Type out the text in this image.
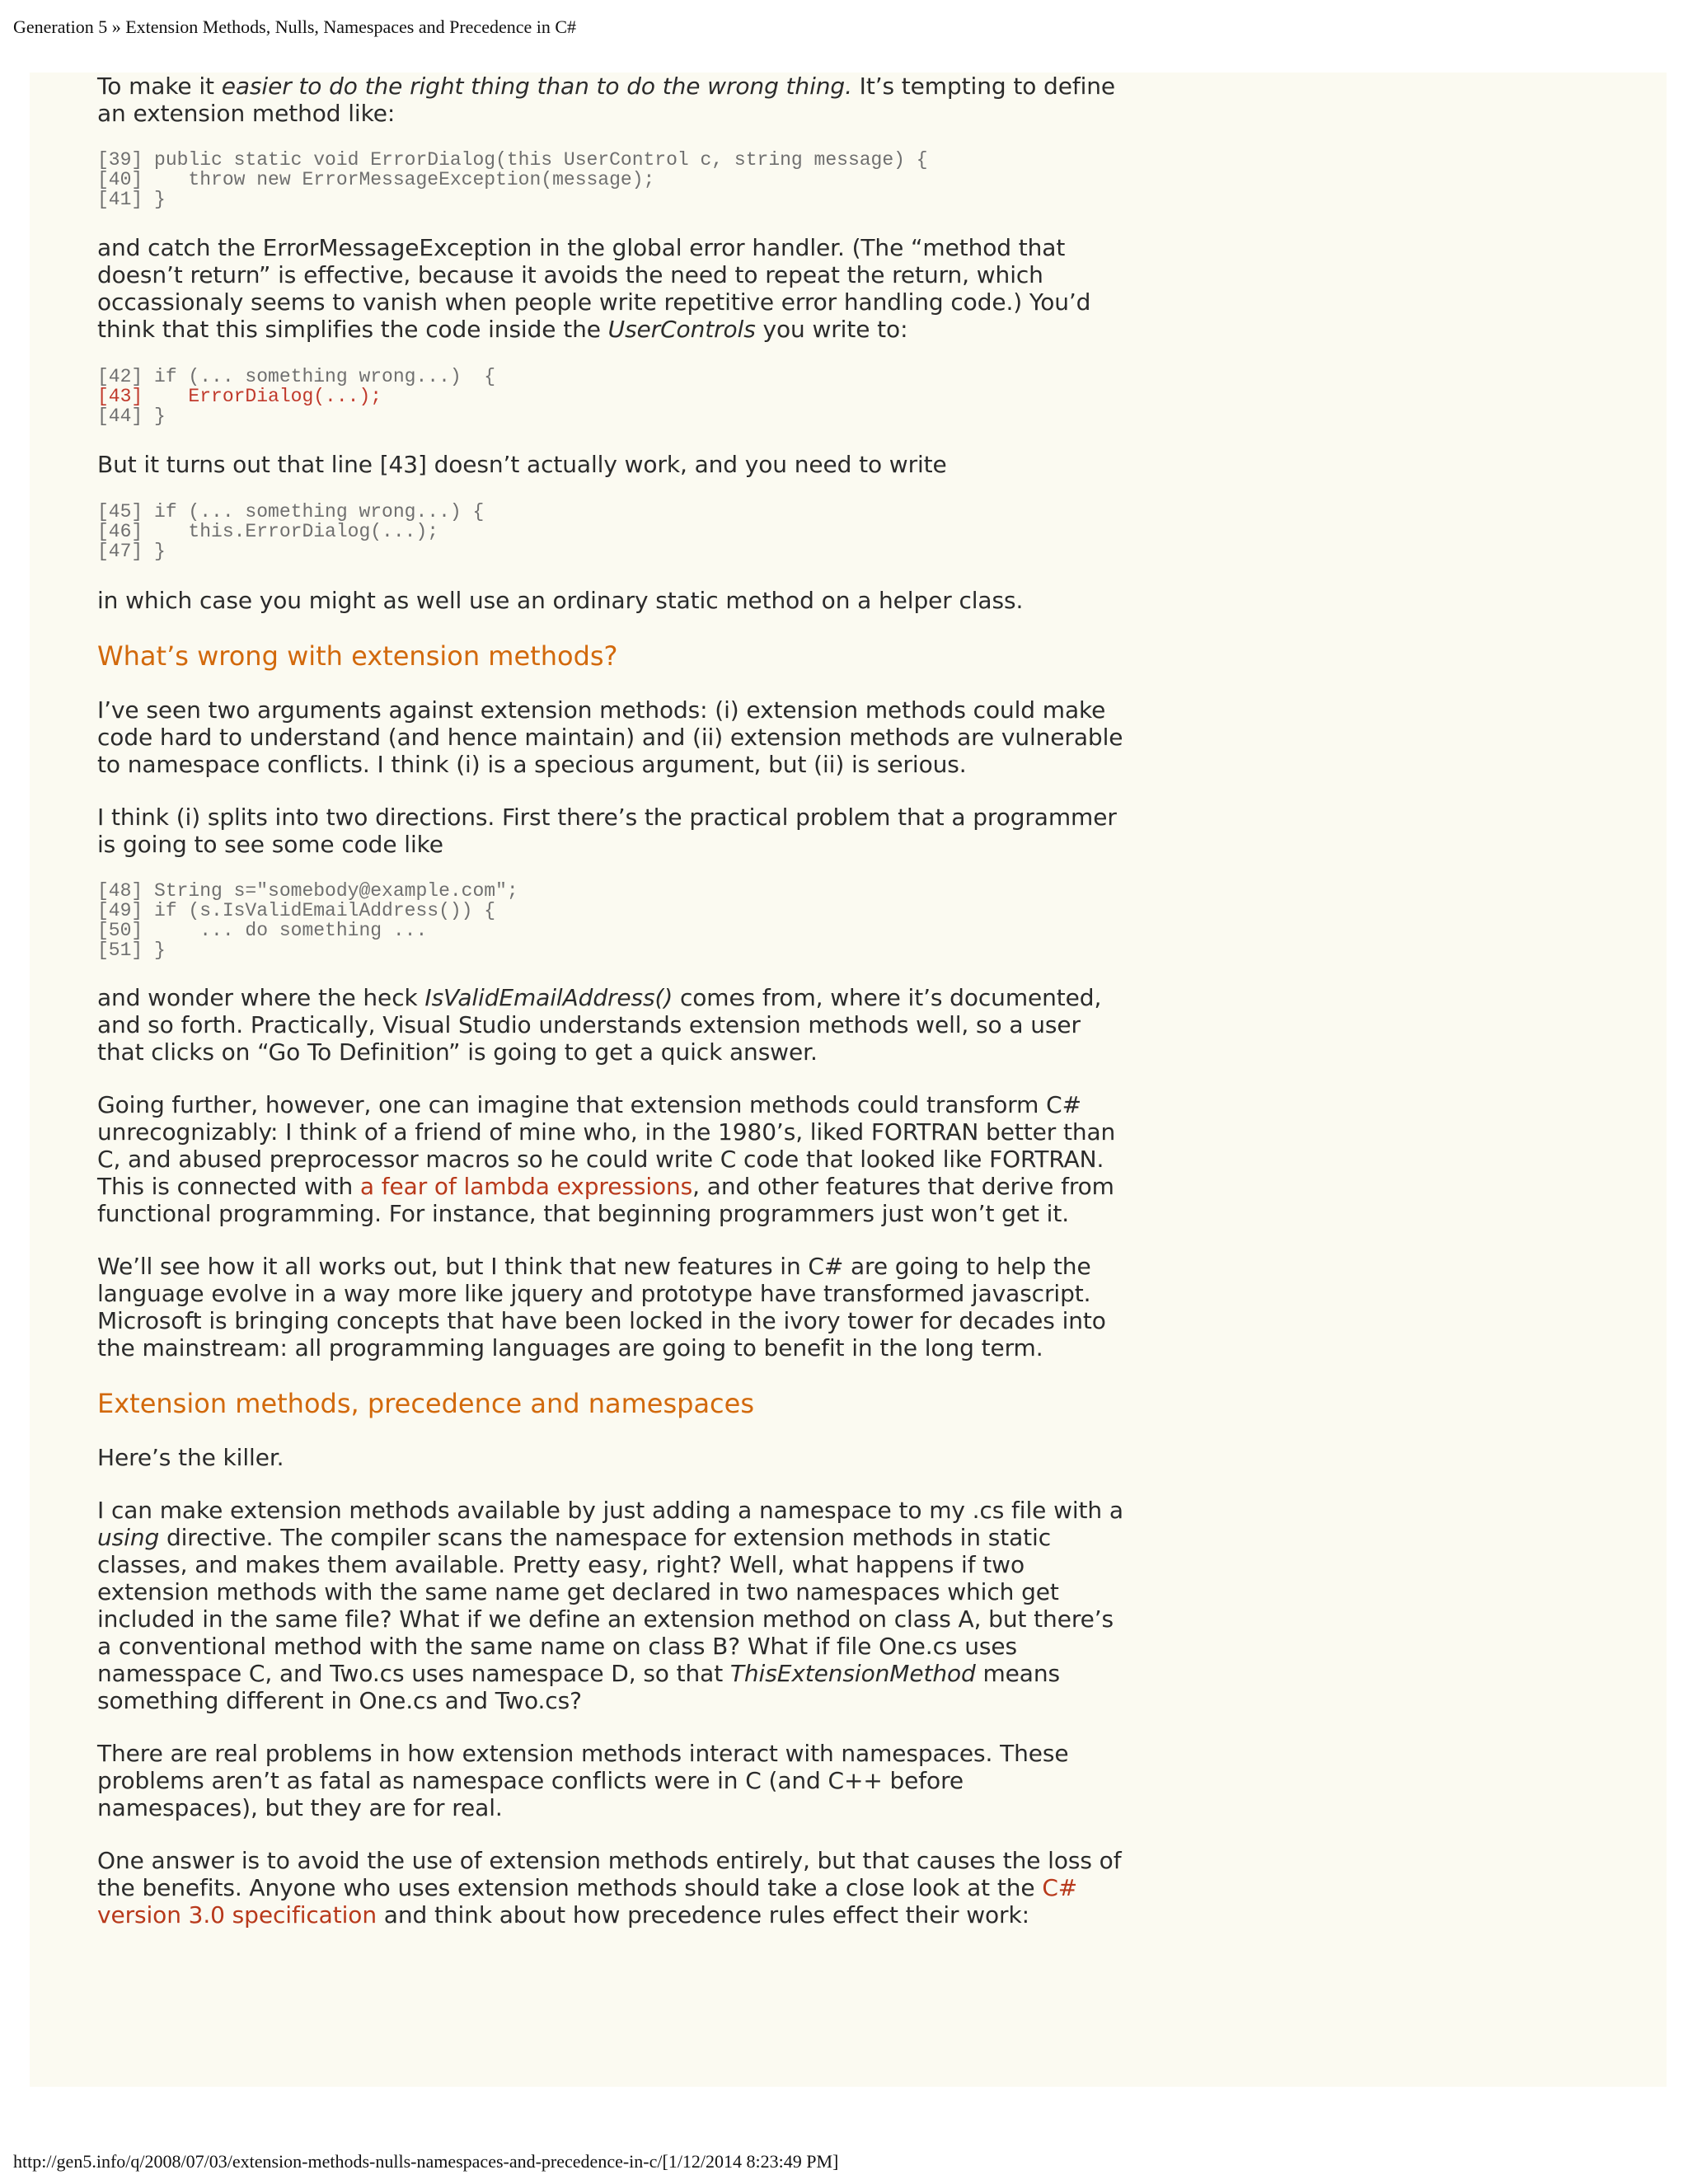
Generation 5 » Extension Methods, Nulls, Namespaces and Precedence in C#

To make it easier to do the right thing than to do the wrong thing. It’s tempting to define an extension method like:

[39] public static void ErrorDialog(this UserControl c, string message) {
[40]    throw new ErrorMessageException(message);
[41] }

and catch the ErrorMessageException in the global error handler. (The “method that doesn’t return” is effective, because it avoids the need to repeat the return, which occassionaly seems to vanish when people write repetitive error handling code.) You’d think that this simplifies the code inside the UserControls you write to:

[42] if (... something wrong...)  {
[43]    ErrorDialog(...);
[44] }

But it turns out that line [43] doesn’t actually work, and you need to write

[45] if (... something wrong...) {
[46]    this.ErrorDialog(...);
[47] }

in which case you might as well use an ordinary static method on a helper class.

What’s wrong with extension methods?

I’ve seen two arguments against extension methods: (i) extension methods could make code hard to understand (and hence maintain) and (ii) extension methods are vulnerable to namespace conflicts. I think (i) is a specious argument, but (ii) is serious.

I think (i) splits into two directions. First there’s the practical problem that a programmer is going to see some code like

[48] String s="somebody@example.com";
[49] if (s.IsValidEmailAddress()) {
[50]     ... do something ...
[51] }

and wonder where the heck IsValidEmailAddress() comes from, where it’s documented, and so forth. Practically, Visual Studio understands extension methods well, so a user that clicks on “Go To Definition” is going to get a quick answer.

Going further, however, one can imagine that extension methods could transform C# unrecognizably: I think of a friend of mine who, in the 1980’s, liked FORTRAN better than C, and abused preprocessor macros so he could write C code that looked like FORTRAN. This is connected with a fear of lambda expressions, and other features that derive from functional programming. For instance, that beginning programmers just won’t get it.

We’ll see how it all works out, but I think that new features in C# are going to help the language evolve in a way more like jquery and prototype have transformed javascript. Microsoft is bringing concepts that have been locked in the ivory tower for decades into the mainstream: all programming languages are going to benefit in the long term.

Extension methods, precedence and namespaces

Here’s the killer.

I can make extension methods available by just adding a namespace to my .cs file with a using directive. The compiler scans the namespace for extension methods in static classes, and makes them available. Pretty easy, right? Well, what happens if two extension methods with the same name get declared in two namespaces which get included in the same file? What if we define an extension method on class A, but there’s a conventional method with the same name on class B? What if file One.cs uses namesspace C, and Two.cs uses namespace D, so that ThisExtensionMethod means something different in One.cs and Two.cs?

There are real problems in how extension methods interact with namespaces. These problems aren’t as fatal as namespace conflicts were in C (and C++ before namespaces), but they are for real.

One answer is to avoid the use of extension methods entirely, but that causes the loss of the benefits. Anyone who uses extension methods should take a close look at the C# version 3.0 specification and think about how precedence rules effect their work:

http://gen5.info/q/2008/07/03/extension-methods-nulls-namespaces-and-precedence-in-c/[1/12/2014 8:23:49 PM]
